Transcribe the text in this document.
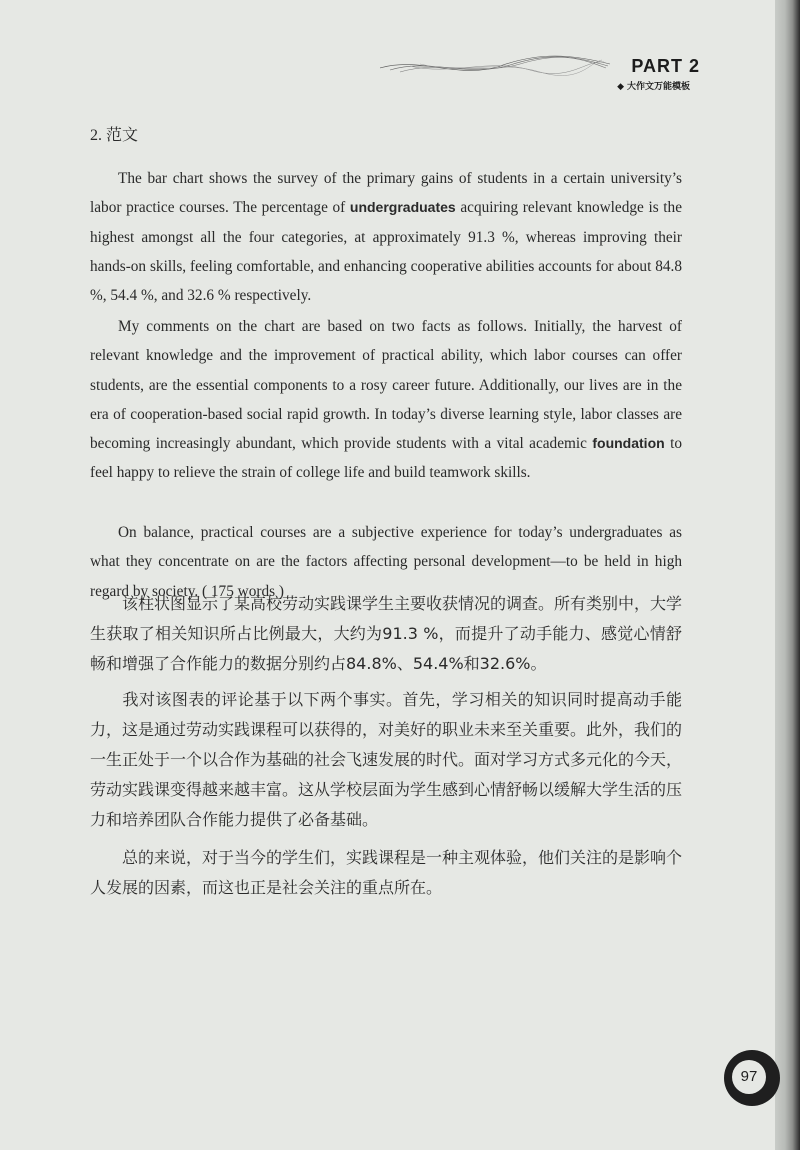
PART 2
◆ 大作文万能模板
2. 范文

The bar chart shows the survey of the primary gains of students in a certain university’s labor practice courses. The percentage of undergraduates acquiring relevant knowledge is the highest amongst all the four categories, at approximately 91.3 %, whereas improving their hands-on skills, feeling comfortable, and enhancing cooperative abilities accounts for about 84.8 %, 54.4 %, and 32.6 % respectively.

My comments on the chart are based on two facts as follows. Initially, the harvest of relevant knowledge and the improvement of practical ability, which labor courses can offer students, are the essential components to a rosy career future. Additionally, our lives are in the era of cooperation-based social rapid growth. In today’s diverse learning style, labor classes are becoming increasingly abundant, which provide students with a vital academic foundation to feel happy to relieve the strain of college life and build teamwork skills.

On balance, practical courses are a subjective experience for today’s undergraduates as what they concentrate on are the factors affecting personal development—to be held in high regard by society. ( 175 words )

该柱状图显示了某高校劳动实践课学生主要收获情况的调查。所有类别中，大学生获取了相关知识所占比例最大，大约为91.3 %，而提升了动手能力、感觉心情舒畅和增强了合作能力的数据分别约占84.8%、54.4%和32.6%。

我对该图表的评论基于以下两个事实。首先，学习相关的知识同时提高动手能力，这是通过劳动实践课程可以获得的，对美好的职业未来至关重要。此外，我们的一生正处于一个以合作为基础的社会飞速发展的时代。面对学习方式多元化的今天，劳动实践课变得越来越丰富。这从学校层面为学生感到心情舒畅以缓解大学生活的压力和培养团队合作能力提供了必备基础。

总的来说，对于当今的学生们，实践课程是一种主观体验，他们关注的是影响个人发展的因素，而这也正是社会关注的重点所在。

97
